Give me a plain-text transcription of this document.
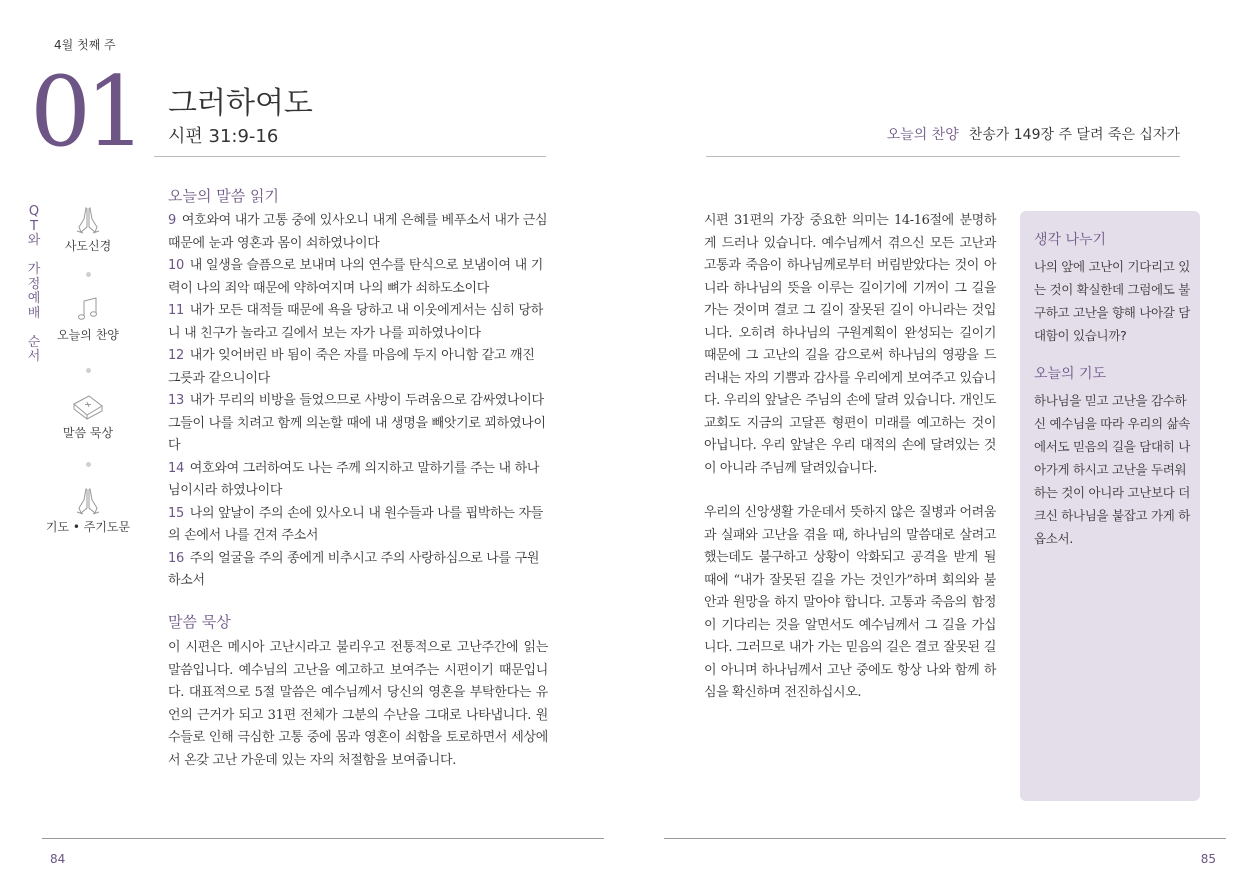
4월 첫째 주
01 그러하여도
시편 31:9-16	오늘의 찬양 찬송가 149장 주 달려 죽은 십자가
Q
T
와

가
정
예
배

순
서
사도신경
오늘의 찬양
말씀 묵상
기도 • 주기도문
오늘의 말씀 읽기

9 여호와여 내가 고통 중에 있사오니 내게 은혜를 베푸소서 내가 근심 때문에 눈과 영혼과 몸이 쇠하였나이다

10 내 일생을 슬픔으로 보내며 나의 연수를 탄식으로 보냄이여 내 기력이 나의 죄악 때문에 약하여지며 나의 뼈가 쇠하도소이다

11 내가 모든 대적들 때문에 욕을 당하고 내 이웃에게서는 심히 당하니 내 친구가 놀라고 길에서 보는 자가 나를 피하였나이다

12 내가 잊어버린 바 됨이 죽은 자를 마음에 두지 아니함 같고 깨진 그릇과 같으니이다

13 내가 무리의 비방을 들었으므로 사방이 두려움으로 감싸였나이다 그들이 나를 치려고 함께 의논할 때에 내 생명을 빼앗기로 꾀하였나이다

14 여호와여 그러하여도 나는 주께 의지하고 말하기를 주는 내 하나님이시라 하였나이다

15 나의 앞날이 주의 손에 있사오니 내 원수들과 나를 핍박하는 자들의 손에서 나를 건져 주소서

16 주의 얼굴을 주의 종에게 비추시고 주의 사랑하심으로 나를 구원하소서

말씀 묵상
이 시편은 메시아 고난시라고 불리우고 전통적으로 고난주간에 읽는 말씀입니다. 예수님의 고난을 예고하고 보여주는 시편이기 때문입니다. 대표적으로 5절 말씀은 예수님께서 당신의 영혼을 부탁한다는 유언의 근거가 되고 31편 전체가 그분의 수난을 그대로 나타냅니다. 원수들로 인해 극심한 고통 중에 몸과 영혼이 쇠함을 토로하면서 세상에서 온갖 고난 가운데 있는 자의 처절함을 보여줍니다.

시편 31편의 가장 중요한 의미는 14-16절에 분명하게 드러나 있습니다. 예수님께서 겪으신 모든 고난과 고통과 죽음이 하나님께로부터 버림받았다는 것이 아니라 하나님의 뜻을 이루는 길이기에 기꺼이 그 길을 가는 것이며 결코 그 길이 잘못된 길이 아니라는 것입니다. 오히려 하나님의 구원계획이 완성되는 길이기 때문에 그 고난의 길을 감으로써 하나님의 영광을 드러내는 자의 기쁨과 감사를 우리에게 보여주고 있습니다. 우리의 앞날은 주님의 손에 달려 있습니다. 개인도 교회도 지금의 고달픈 형편이 미래를 예고하는 것이 아닙니다. 우리 앞날은 우리 대적의 손에 달려있는 것이 아니라 주님께 달려있습니다.

우리의 신앙생활 가운데서 뜻하지 않은 질병과 어려움과 실패와 고난을 겪을 때, 하나님의 말씀대로 살려고 했는데도 불구하고 상황이 악화되고 공격을 받게 될 때에 “내가 잘못된 길을 가는 것인가”하며 회의와 불안과 원망을 하지 말아야 합니다. 고통과 죽음의 함정이 기다리는 것을 알면서도 예수님께서 그 길을 가십니다. 그러므로 내가 가는 믿음의 길은 결코 잘못된 길이 아니며 하나님께서 고난 중에도 항상 나와 함께 하심을 확신하며 전진하십시오.

생각 나누기
나의 앞에 고난이 기다리고 있는 것이 확실한데 그럼에도 불구하고 고난을 향해 나아갈 담대함이 있습니까?
오늘의 기도
하나님을 믿고 고난을 감수하신 예수님을 따라 우리의 삶속에서도 믿음의 길을 담대히 나아가게 하시고 고난을 두려워하는 것이 아니라 고난보다 더 크신 하나님을 붙잡고 가게 하옵소서.
84	85
